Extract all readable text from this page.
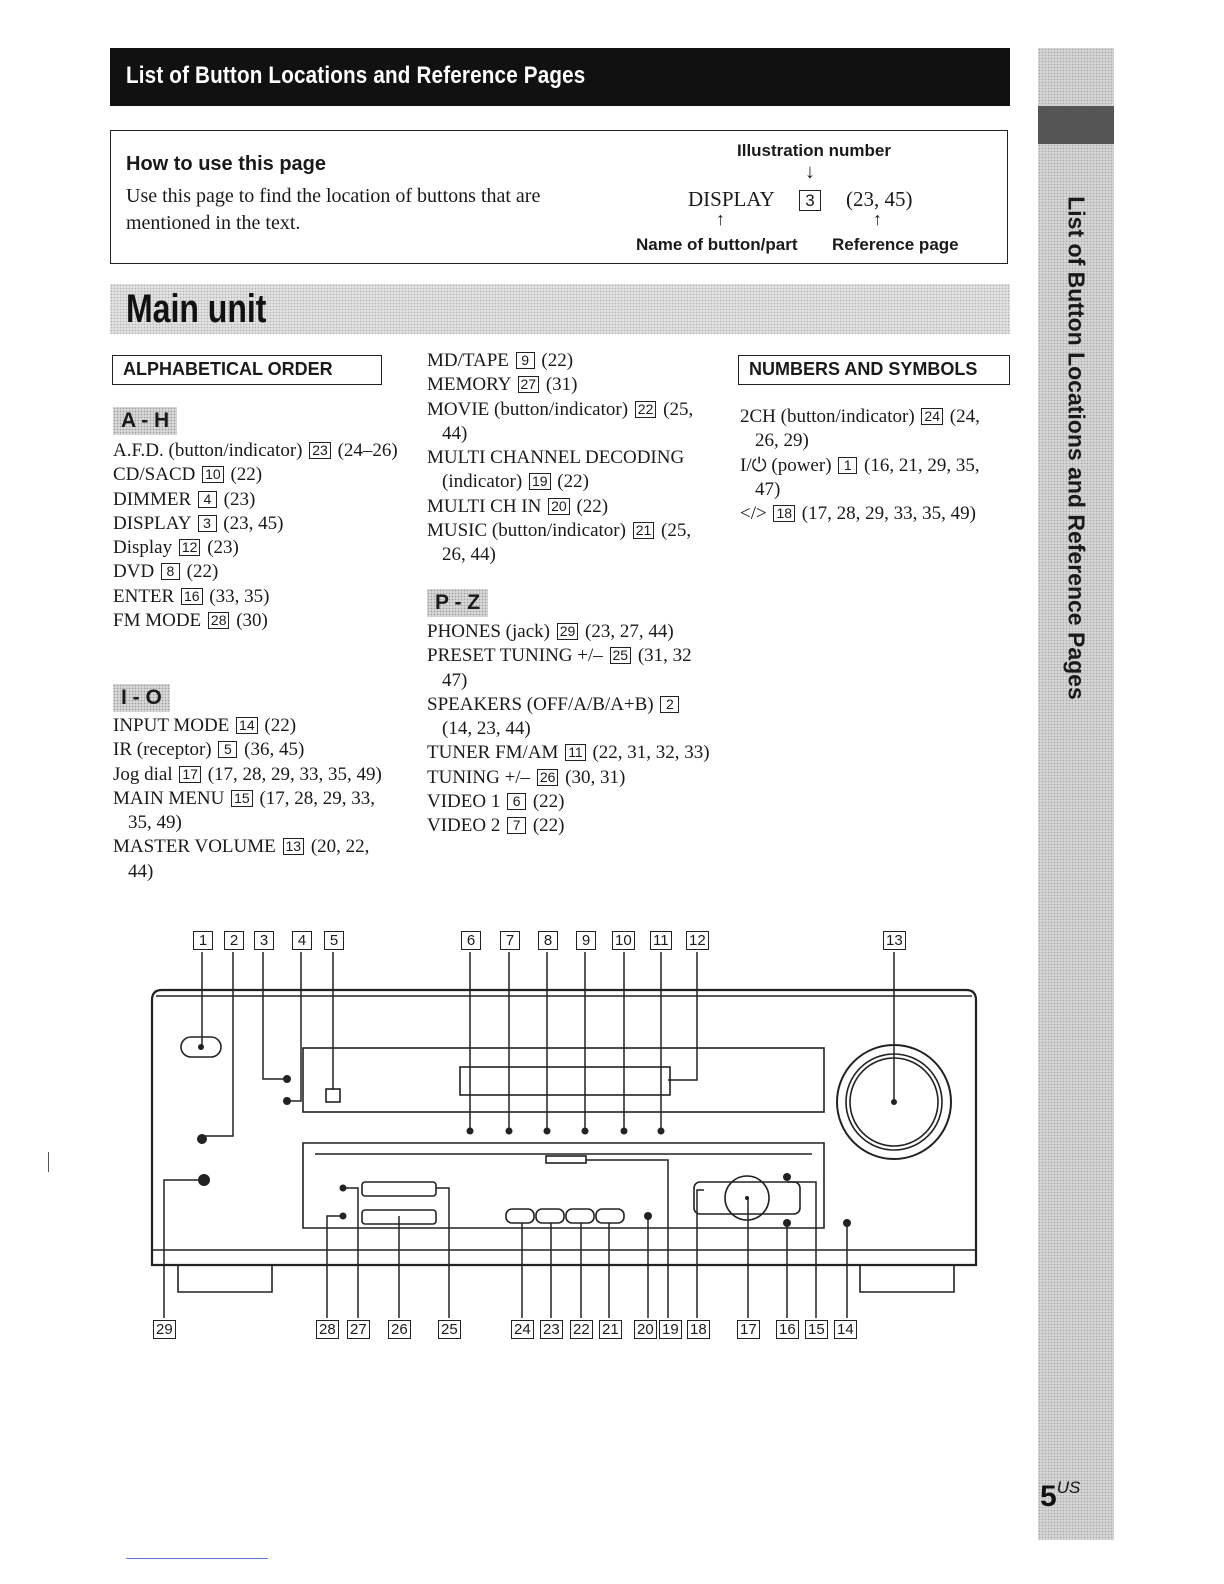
List of Button Locations and Reference Pages
List of Button Locations and Reference Pages
$5^{US}$
How to use this page
Use this page to find the location of buttons that are mentioned in the text.
Illustration number
↓
DISPLAY	3	(23, 45)
↑	↑
Name of button/part Reference page
Main unit
ALPHABETICAL ORDER	NUMBERS AND SYMBOLS
A - H
A.F.D. (button/indicator) 23 (24–26)
CD/SACD 10 (22)
DIMMER 4 (23)
DISPLAY 3 (23, 45)
Display 12 (23)
DVD 8 (22)
ENTER 16 (33, 35)
FM MODE 28 (30)
I - O
INPUT MODE 14 (22)
IR (receptor) 5 (36, 45)
Jog dial 17 (17, 28, 29, 33, 35, 49)
MAIN MENU 15 (17, 28, 29, 33, 35, 49)
MASTER VOLUME 13 (20, 22, 44)
MD/TAPE 9 (22)
MEMORY 27 (31)
MOVIE (button/indicator) 22 (25, 44)
MULTI CHANNEL DECODING (indicator) 19 (22)
MULTI CH IN 20 (22)
MUSIC (button/indicator) 21 (25, 26, 44)
P - Z
PHONES (jack) 29 (23, 27, 44)
PRESET TUNING +/– 25 (31, 32 47)
SPEAKERS (OFF/A/B/A+B) 2 (14, 23, 44)
TUNER FM/AM 11 (22, 31, 32, 33)
TUNING +/– 26 (30, 31)
VIDEO 1 6 (22)
VIDEO 2 7 (22)
2CH (button/indicator) 24 (24, 26, 29)
I/⏻ (power) 1 (16, 21, 29, 35, 47)
</> 18 (17, 28, 29, 33, 35, 49)
1	2	3	4	5	6	7	8	9	10 11 12	13
29	28 27 26 25	24 23 22 21 20 19 18 17 16 15 14
